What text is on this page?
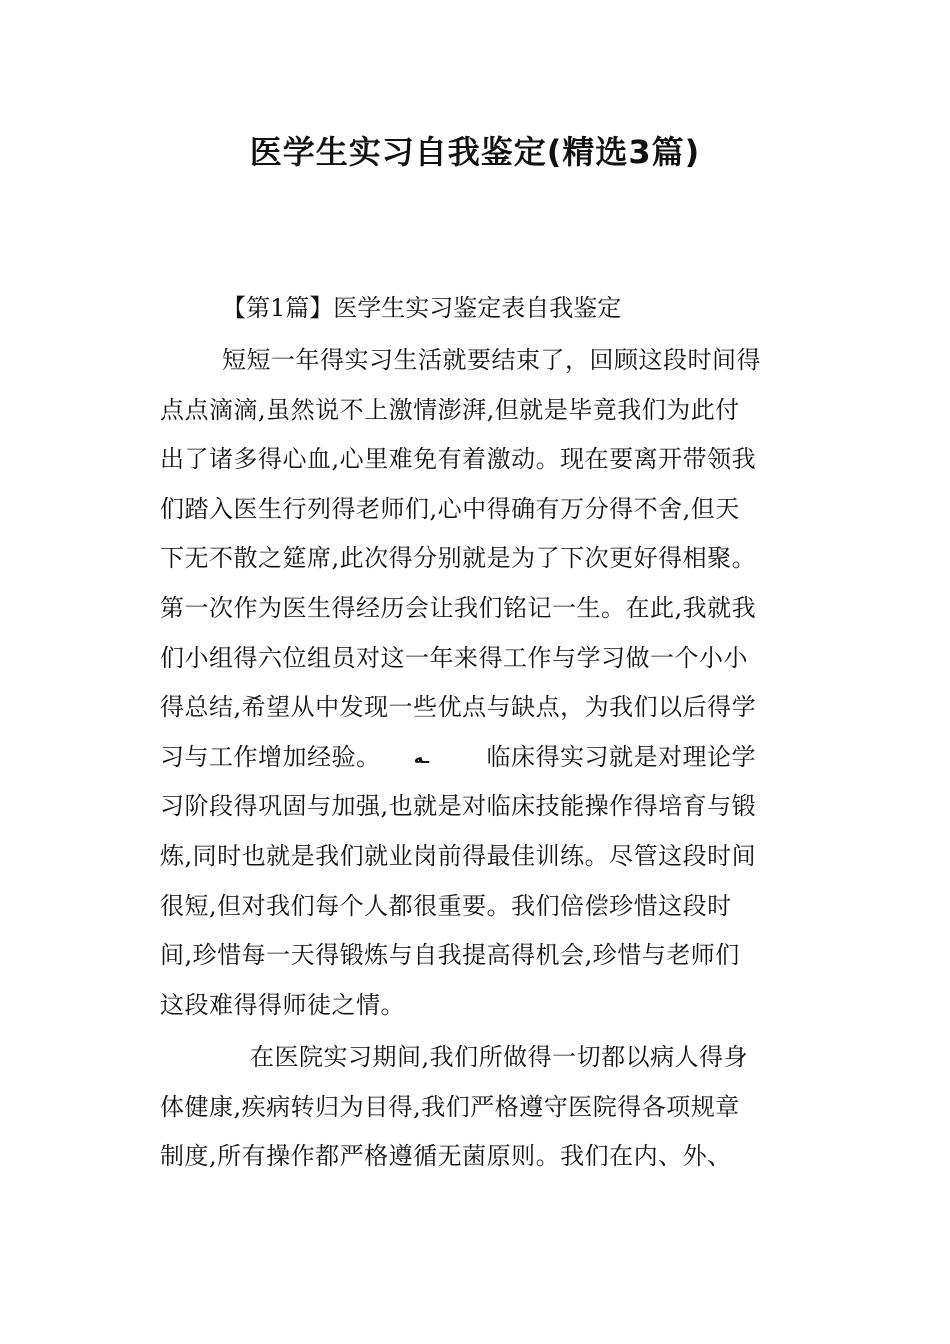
医学生实习自我鉴定(精选3篇)
【第1篇】医学生实习鉴定表自我鉴定
短短一年得实习生活就要结束了，回顾这段时间得
点点滴滴,虽然说不上激情澎湃,但就是毕竟我们为此付
出了诸多得心血,心里难免有着激动。现在要离开带领我
们踏入医生行列得老师们,心中得确有万分得不舍,但天
下无不散之筵席,此次得分别就是为了下次更好得相聚。
第一次作为医生得经历会让我们铭记一生。在此,我就我
们小组得六位组员对这一年来得工作与学习做一个小小
得总结,希望从中发现一些优点与缺点，为我们以后得学
习与工作增加经验。 ـه 临床得实习就是对理论学
习阶段得巩固与加强,也就是对临床技能操作得培育与锻
炼,同时也就是我们就业岗前得最佳训练。尽管这段时间
很短,但对我们每个人都很重要。我们倍偿珍惜这段时
间,珍惜每一天得锻炼与自我提高得机会,珍惜与老师们
这段难得得师徒之情。
在医院实习期间,我们所做得一切都以病人得身
体健康,疾病转归为目得,我们严格遵守医院得各项规章
制度,所有操作都严格遵循无菌原则。我们在内、外、
